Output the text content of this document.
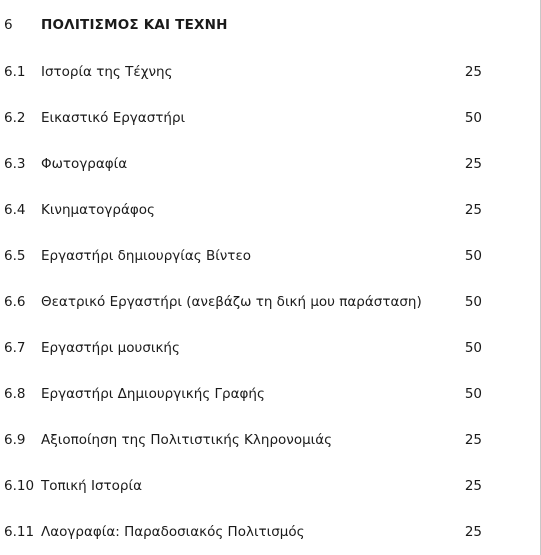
6 ΠΟΛΙΤΙΣΜΟΣ ΚΑΙ ΤΕΧΝΗ
6.1 Ιστορία της Τέχνης	25
6.2 Εικαστικό Εργαστήρι	50
6.3 Φωτογραφία	25
6.4 Κινηματογράφος	25
6.5 Εργαστήρι δημιουργίας Βίντεο	50
6.6 Θεατρικό Εργαστήρι (ανεβάζω τη δική μου παράσταση)	50
6.7 Εργαστήρι μουσικής	50
6.8 Εργαστήρι Δημιουργικής Γραφής	50
6.9 Αξιοποίηση της Πολιτιστικής Κληρονομιάς	25
6.10 Τοπική Ιστορία	25
6.11 Λαογραφία: Παραδοσιακός Πολιτισμός	25
